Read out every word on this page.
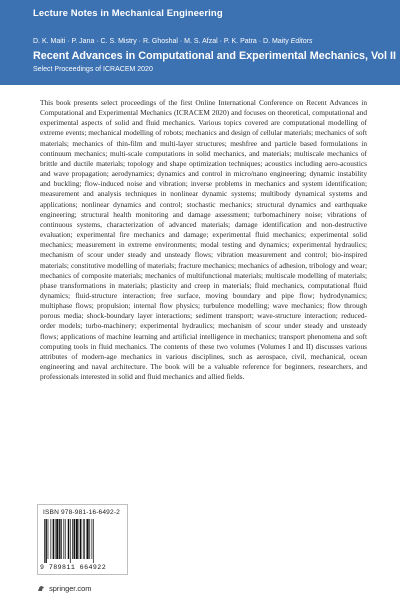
Lecture Notes in Mechanical Engineering
D. K. Maiti · P. Jana · C. S. Mistry · R. Ghoshal · M. S. Afzal · P. K. Patra · D. Maity Editors
Recent Advances in Computational and Experimental Mechanics, Vol II
Select Proceedings of ICRACEM 2020

This book presents select proceedings of the first Online International Conference on Recent Advances in Computational and Experimental Mechanics (ICRACEM 2020) and focuses on theoretical, computational and experimental aspects of solid and fluid mechanics. Various topics covered are computational modelling of extreme events; mechanical modelling of robots; mechanics and design of cellular materials; mechanics of soft materials; mechanics of thin-film and multi-layer structures; meshfree and particle based formulations in continuum mechanics; multi-scale computations in solid mechanics, and materials; multiscale mechanics of brittle and ductile materials; topology and shape optimization techniques; acoustics including aero-acoustics and wave propagation; aerodynamics; dynamics and control in micro/nano engineering; dynamic instability and buckling; flow-induced noise and vibration; inverse problems in mechanics and system identification; measurement and analysis techniques in nonlinear dynamic systems; multibody dynamical systems and applications; nonlinear dynamics and control; stochastic mechanics; structural dynamics and earthquake engineering; structural health monitoring and damage assessment; turbomachinery noise; vibrations of continuous systems, characterization of advanced materials; damage identification and non-destructive evaluation; experimental fire mechanics and damage; experimental fluid mechanics; experimental solid mechanics; measurement in extreme environments; modal testing and dynamics; experimental hydraulics; mechanism of scour under steady and unsteady flows; vibration measurement and control; bio-inspired materials; constitutive modelling of materials; fracture mechanics; mechanics of adhesion, tribology and wear; mechanics of composite materials; mechanics of multifunctional materials; multiscale modelling of materials; phase transformations in materials; plasticity and creep in materials; fluid mechanics, computational fluid dynamics; fluid-structure interaction; free surface, moving boundary and pipe flow; hydrodynamics; multiphase flows; propulsion; internal flow physics; turbulence modelling; wave mechanics; flow through porous media; shock-boundary layer interactions; sediment transport; wave-structure interaction; reduced-order models; turbo-machinery; experimental hydraulics; mechanism of scour under steady and unsteady flows; applications of machine learning and artificial intelligence in mechanics; transport phenomena and soft computing tools in fluid mechanics. The contents of these two volumes (Volumes I and II) discusses various attributes of modern-age mechanics in various disciplines, such as aerospace, civil, mechanical, ocean engineering and naval architecture. The book will be a valuable reference for beginners, researchers, and professionals interested in solid and fluid mechanics and allied fields.

ISBN 978-981-16-6492-2
9 789811 664922
springer.com
